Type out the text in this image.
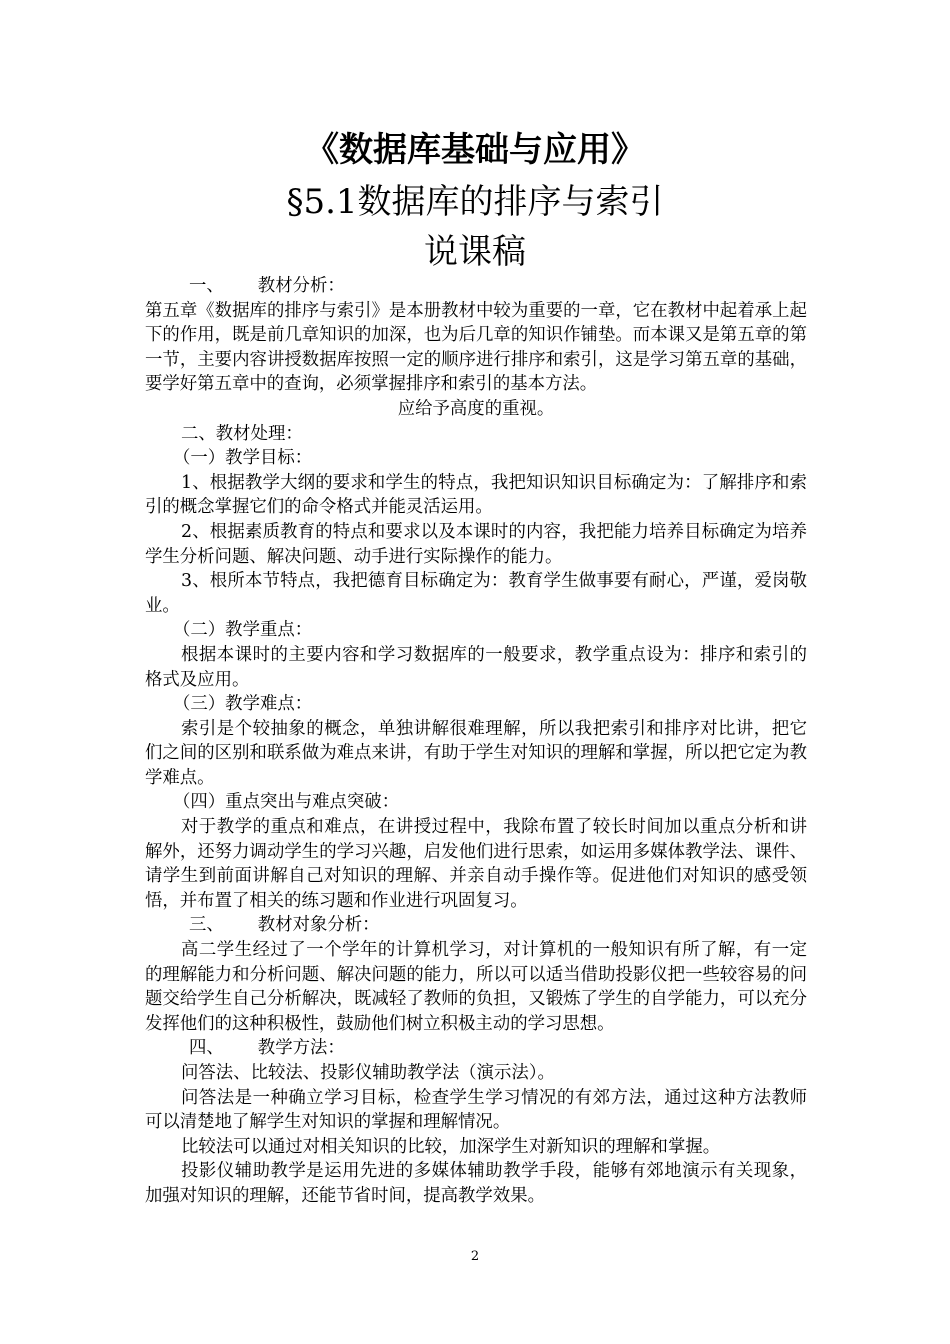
《数据库基础与应用》
§5.1数据库的排序与索引
说课稿

一、 教材分析：

第五章《数据库的排序与索引》是本册教材中较为重要的一章，它在教材中起着承上起下的作用，既是前几章知识的加深，也为后几章的知识作铺垫。而本课又是第五章的第一节，主要内容讲授数据库按照一定的顺序进行排序和索引，这是学习第五章的基础，要学好第五章中的查询，必须掌握排序和索引的基本方法。

应给予高度的重视。

二、教材处理：

（一）教学目标：

1、根据教学大纲的要求和学生的特点，我把知识知识目标确定为：了解排序和索引的概念掌握它们的命令格式并能灵活运用。

2、根据素质教育的特点和要求以及本课时的内容，我把能力培养目标确定为培养学生分析问题、解决问题、动手进行实际操作的能力。

3、根所本节特点，我把德育目标确定为：教育学生做事要有耐心，严谨，爱岗敬业。

（二）教学重点：

根据本课时的主要内容和学习数据库的一般要求，教学重点设为：排序和索引的格式及应用。

（三）教学难点：

索引是个较抽象的概念，单独讲解很难理解，所以我把索引和排序对比讲，把它们之间的区别和联系做为难点来讲，有助于学生对知识的理解和掌握，所以把它定为教学难点。

（四）重点突出与难点突破：

对于教学的重点和难点，在讲授过程中，我除布置了较长时间加以重点分析和讲解外，还努力调动学生的学习兴趣，启发他们进行思索，如运用多媒体教学法、课件、请学生到前面讲解自己对知识的理解、并亲自动手操作等。促进他们对知识的感受领悟，并布置了相关的练习题和作业进行巩固复习。

三、 教材对象分析：

高二学生经过了一个学年的计算机学习，对计算机的一般知识有所了解，有一定的理解能力和分析问题、解决问题的能力，所以可以适当借助投影仪把一些较容易的问题交给学生自己分析解决，既减轻了教师的负担，又锻炼了学生的自学能力，可以充分发挥他们的这种积极性，鼓励他们树立积极主动的学习思想。

四、 教学方法：

问答法、比较法、投影仪辅助教学法（演示法）。

问答法是一种确立学习目标，检查学生学习情况的有郊方法，通过这种方法教师可以清楚地了解学生对知识的掌握和理解情况。

比较法可以通过对相关知识的比较，加深学生对新知识的理解和掌握。

投影仪辅助教学是运用先进的多媒体辅助教学手段，能够有郊地演示有关现象，加强对知识的理解，还能节省时间，提高教学效果。

2
